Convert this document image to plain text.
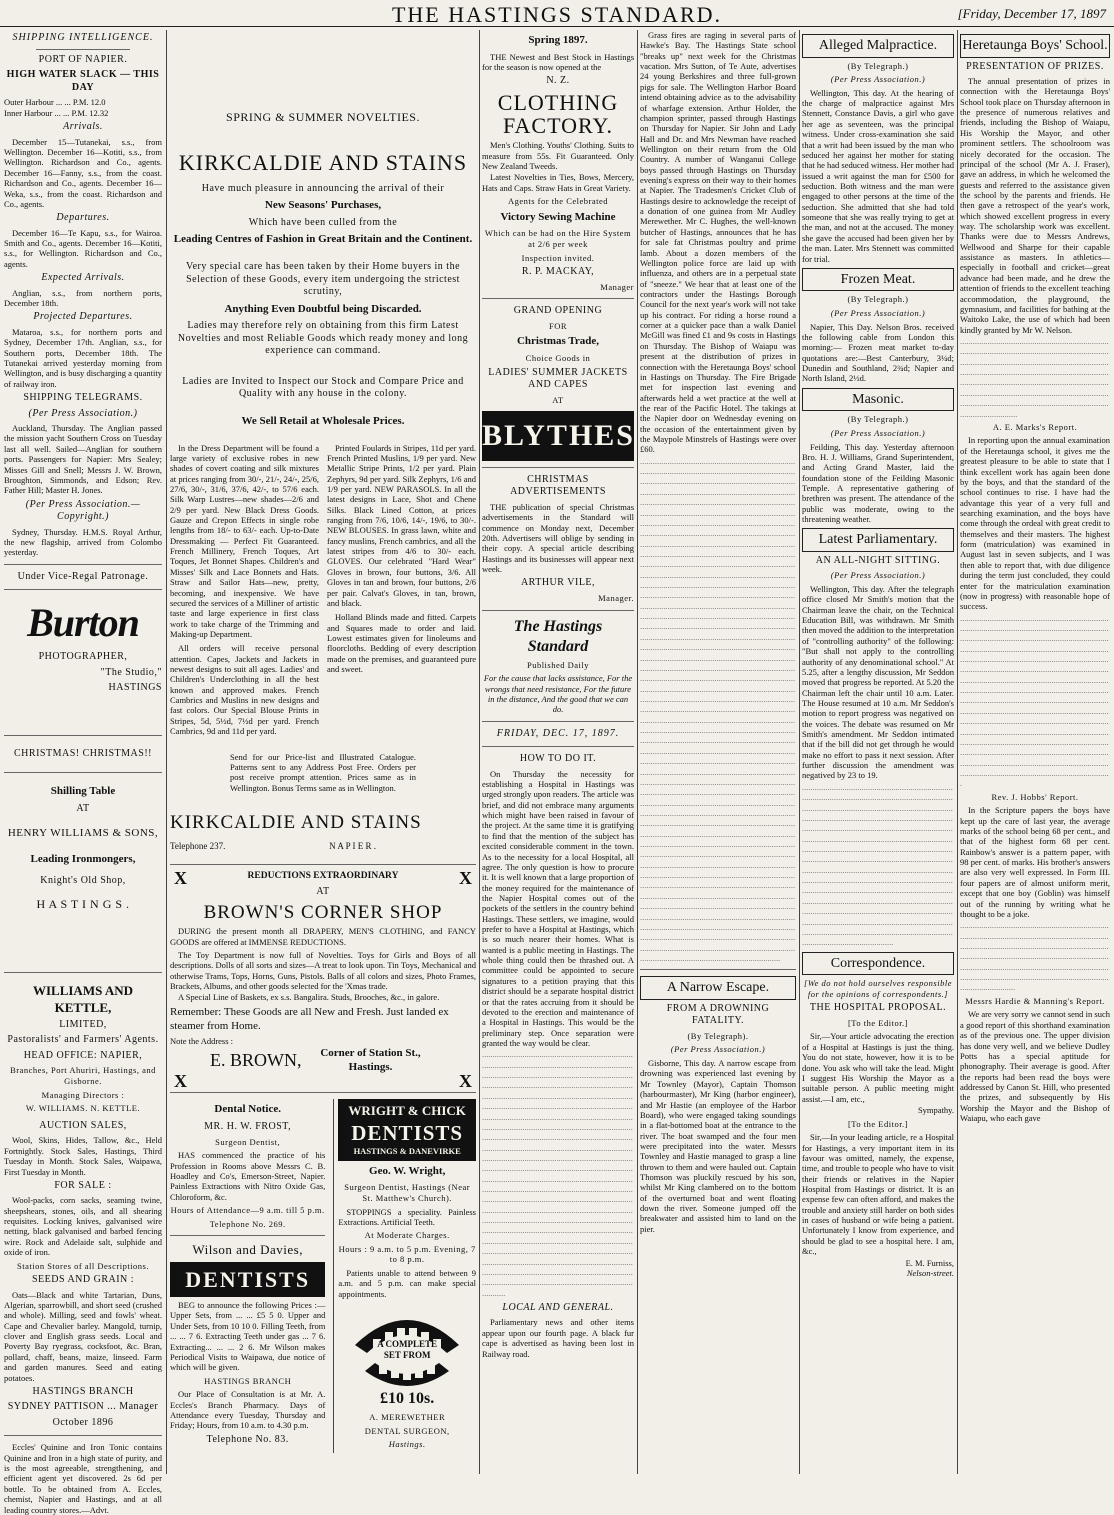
THE HASTINGS STANDARD.	[Friday, December 17, 1897
SHIPPING INTELLIGENCE.
PORT OF NAPIER.
HIGH WATER SLACK — THIS DAY
Outer Harbour ... ... P.M. 12.0
Inner Harbour ... ... P.M. 12.32
Arrivals.
December 15—Tutanekai, s.s., from Wellington. December 16—Kotiti, s.s., from Wellington. Richardson and Co., agents. December 16—Fanny, s.s., from the coast. Richardson and Co., agents. December 16—Weka, s.s., from the coast. Richardson and Co., agents.
Departures.
December 16—Te Kapu, s.s., for Wairoa. Smith and Co., agents. December 16—Kotiti, s.s., for Wellington. Richardson and Co., agents.
Expected Arrivals.
Anglian, s.s., from northern ports, December 18th.
Projected Departures.
Mataroa, s.s., for northern ports and Sydney, December 17th. Anglian, s.s., for Southern ports, December 18th. The Tutanekai arrived yesterday morning from Wellington, and is busy discharging a quantity of railway iron.
SHIPPING TELEGRAMS.
(Per Press Association.)
Auckland, Thursday. The Anglian passed the mission yacht Southern Cross on Tuesday last all well. Sailed—Anglian for southern ports. Passengers for Napier: Mrs Sealey; Misses Gill and Snell; Messrs J. W. Brown, Broughton, Simmonds, and Edson; Rev. Father Hill; Master H. Jones.
(Per Press Association.—Copyright.)
Sydney, Thursday. H.M.S. Royal Arthur, the new flagship, arrived from Colombo yesterday.
Under Vice-Regal Patronage.
Burton
PHOTOGRAPHER,
"The Studio,"
HASTINGS
CHRISTMAS! CHRISTMAS!!
Shilling Table
AT
HENRY WILLIAMS & SONS,
Leading Ironmongers,
Knight's Old Shop,
H A S T I N G S .
WILLIAMS AND KETTLE,
LIMITED,
Pastoralists' and Farmers' Agents.
HEAD OFFICE: NAPIER,
Branches, Port Ahuriri, Hastings, and Gisborne.
Managing Directors :
W. WILLIAMS. N. KETTLE.
AUCTION SALES,
Wool, Skins, Hides, Tallow, &c., Held Fortnightly. Stock Sales, Hastings, Third Tuesday in Month. Stock Sales, Waipawa, First Tuesday in Month.
FOR SALE :
Wool-packs, corn sacks, seaming twine, sheepshears, stones, oils, and all shearing requisites. Locking knives, galvanised wire netting, black galvanised and barbed fencing wire. Rock and Adelaide salt, sulphide and oxide of iron.
Station Stores of all Descriptions.
SEEDS AND GRAIN :
Oats—Black and white Tartarian, Duns, Algerian, sparrowbill, and short seed (crushed and whole). Milling, seed and fowls' wheat. Cape and Chevalier barley. Mangold, turnip, clover and English grass seeds. Local and Poverty Bay ryegrass, cocksfoot, &c. Bran, pollard, chaff, beans, maize, linseed. Farm and garden manures. Seed and eating potatoes.
HASTINGS BRANCH
SYDNEY PATTISON ... Manager
October 1896
Eccles' Quinine and Iron Tonic contains Quinine and Iron in a high state of purity, and is the most agreeable, strengthening, and efficient agent yet discovered. 2s 6d per bottle. To be obtained from A. Eccles, chemist, Napier and Hastings, and at all leading country stores.—Advt.
SPRING & SUMMER NOVELTIES.
KIRKCALDIE AND STAINS
Have much pleasure in announcing the arrival of their
New Seasons' Purchases,
Which have been culled from the
Leading Centres of Fashion in Great Britain and the Continent.
Very special care has been taken by their Home buyers in the Selection of these Goods, every item undergoing the strictest scrutiny,
Anything Even Doubtful being Discarded.
Ladies may therefore rely on obtaining from this firm Latest Novelties and most Reliable Goods which ready money and long experience can command.
Ladies are Invited to Inspect our Stock and Compare Price and Quality with any house in the colony.
We Sell Retail at Wholesale Prices.
In the Dress Department will be found a large variety of exclusive robes in new shades of covert coating and silk mixtures at prices ranging from 30/-, 21/-, 24/-, 25/6, 27/6, 30/-, 31/6, 37/6, 42/-, to 57/6 each. Silk Warp Lustres—new shades—2/6 and 2/9 per yard. New Black Dress Goods. Gauze and Crepon Effects in single robe lengths from 18/- to 63/- each. Up-to-Date Dressmaking — Perfect Fit Guaranteed. French Millinery, French Toques, Art Toques, Jet Bonnet Shapes. Children's and Misses' Silk and Lace Bonnets and Hats. Straw and Sailor Hats—new, pretty, becoming, and inexpensive. We have secured the services of a Milliner of artistic taste and large experience in first class work to take charge of the Trimming and Making-up Department.
All orders will receive personal attention. Capes, Jackets and Jackets in newest designs to suit all ages. Ladies' and Children's Underclothing in all the best known and approved makes. French Cambrics and Muslins in new designs and fast colors. Our Special Blouse Prints in Stripes, 5d, 5½d, 7½d per yard. French Cambrics, 9d and 11d per yard.
Printed Foulards in Stripes, 11d per yard. French Printed Muslins, 1/9 per yard. New Metallic Stripe Prints, 1/2 per yard. Plain Zephyrs, 9d per yard. Silk Zephyrs, 1/6 and 1/9 per yard. NEW PARASOLS. In all the latest designs in Lace, Shot and Chene Silks. Black Lined Cotton, at prices ranging from 7/6, 10/6, 14/-, 19/6, to 30/-. NEW BLOUSES. In grass lawn, white and fancy muslins, French cambrics, and all the latest stripes from 4/6 to 30/- each. GLOVES. Our celebrated "Hard Wear" Gloves in brown, four buttons, 3/6. All Gloves in tan and brown, four buttons, 2/6 per pair. Calvat's Gloves, in tan, brown, and black.
Holland Blinds made and fitted. Carpets and Squares made to order and laid. Lowest estimates given for linoleums and floorcloths. Bedding of every description made on the premises, and guaranteed pure and sweet.
Send for our Price-list and Illustrated Catalogue. Patterns sent to any Address Post Free. Orders per post receive prompt attention. Prices same as in Wellington. Bonus Terms same as in Wellington.
KIRKCALDIE AND STAINS
Telephone 237.	N A P I E R .
X	REDUCTIONS EXTRAORDINARY	X
AT
BROWN'S CORNER SHOP
DURING the present month all DRAPERY, MEN'S CLOTHING, and FANCY GOODS are offered at IMMENSE REDUCTIONS.
The Toy Department is now full of Novelties. Toys for Girls and Boys of all descriptions. Dolls of all sorts and sizes—A treat to look upon. Tin Toys, Mechanical and otherwise Trams, Tops, Horns, Guns, Pistols. Balls of all colors and sizes, Photo Frames, Brackets, Albums, and other goods selected for the 'Xmas trade.
A Special Line of Baskets, ex s.s. Bangalira. Studs, Brooches, &c., in galore.
Remember: These Goods are all New and Fresh. Just landed ex steamer from Home.
Note the Address :
E. BROWN,	Corner of Station St., Hastings.
X	X
Dental Notice.
MR. H. W. FROST,
Surgeon Dentist,
HAS commenced the practice of his Profession in Rooms above Messrs C. B. Hoadley and Co's, Emerson-Street, Napier. Painless Extractions with Nitro Oxide Gas, Chloroform, &c.
Hours of Attendance—9 a.m. till 5 p.m.
Telephone No. 269.
Wilson and Davies,
DENTISTS
BEG to announce the following Prices :— Upper Sets, from ... ... £5 5 0. Upper and Under Sets, from 10 10 0. Filling Teeth, from ... ... 7 6. Extracting Teeth under gas ... 7 6. Extracting... ... ... 2 6. Mr Wilson makes Periodical Visits to Waipawa, due notice of which will be given.
HASTINGS BRANCH
Our Place of Consultation is at Mr. A. Eccles's Branch Pharmacy. Days of Attendance every Tuesday, Thursday and Friday; Hours, from 10 a.m. to 4.30 p.m.
Telephone No. 83.
WRIGHT & CHICK
DENTISTS
HASTINGS & DANEVIRKE
Geo. W. Wright,
Surgeon Dentist, Hastings (Near St. Matthew's Church).
STOPPINGS a speciality. Painless Extractions. Artificial Teeth.
At Moderate Charges.
Hours : 9 a.m. to 5 p.m. Evening, 7 to 8 p.m.
Patients unable to attend between 9 a.m. and 5 p.m. can make special appointments.
A COMPLETE SET FROM
£10 10s.
A. MEREWETHER
DENTAL SURGEON,
Hastings.
Spring 1897.
THE Newest and Best Stock in Hastings for the season is now opened at the
N. Z.
CLOTHING FACTORY.
Men's Clothing. Youths' Clothing. Suits to measure from 55s. Fit Guaranteed. Only New Zealand Tweeds.
Latest Novelties in Ties, Bows, Mercery, Hats and Caps. Straw Hats in Great Variety.
Agents for the Celebrated
Victory Sewing Machine
Which can be had on the Hire System at 2/6 per week
Inspection invited.
R. P. MACKAY,
Manager
GRAND OPENING
FOR
Christmas Trade,
Choice Goods in
LADIES' SUMMER JACKETS AND CAPES
AT
BLYTHES
CHRISTMAS ADVERTISEMENTS
THE publication of special Christmas advertisements in the Standard will commence on Monday next, December 20th. Advertisers will oblige by sending in their copy. A special article describing Hastings and its businesses will appear next week.
ARTHUR VILE,
Manager.
The Hastings Standard
Published Daily
For the cause that lacks assistance, For the wrongs that need resistance, For the future in the distance, And the good that we can do.
FRIDAY, DEC. 17, 1897.
HOW TO DO IT.
On Thursday the necessity for establishing a Hospital in Hastings was urged strongly upon readers. The article was brief, and did not embrace many arguments which might have been raised in favour of the project. At the same time it is gratifying to find that the mention of the subject has excited considerable comment in the town. As to the necessity for a local Hospital, all agree. The only question is how to procure it. It is well known that a large proportion of the money required for the maintenance of the Napier Hospital comes out of the pockets of the settlers in the country behind Hastings. These settlers, we imagine, would prefer to have a Hospital at Hastings, which is so much nearer their homes. What is wanted is a public meeting in Hastings. The whole thing could then be thrashed out. A committee could be appointed to secure signatures to a petition praying that this district should be a separate hospital district or that the rates accruing from it should be devoted to the erection and maintenance of a Hospital in Hastings. This would be the preliminary step. Once separation were granted the way would be clear.
............................................................................................................................................................................................................................................................................................................................................................................................................................................................................................................................................................................................................................................................................................................................................................................................................................................................................................................................................................................................................................................................................................................................................................................................................................................................................................................................................................................................................................................................................................................................................................................................................................................................................................................
LOCAL AND GENERAL.
Parliamentary news and other items appear upon our fourth page. A black fur cape is advertised as having been lost in Railway road.
Grass fires are raging in several parts of Hawke's Bay. The Hastings State school "breaks up" next week for the Christmas vacation. Mrs Sutton, of Te Aute, advertises 24 young Berkshires and three full-grown pigs for sale. The Wellington Harbor Board intend obtaining advice as to the advisability of wharfage extension. Arthur Holder, the champion sprinter, passed through Hastings on Thursday for Napier. Sir John and Lady Hall and Dr. and Mrs Newman have reached Wellington on their return from the Old Country. A number of Wanganui College boys passed through Hastings on Thursday evening's express on their way to their homes at Napier. The Tradesmen's Cricket Club of Hastings desire to acknowledge the receipt of a donation of one guinea from Mr Audley Merewether. Mr C. Hughes, the well-known butcher of Hastings, announces that he has for sale fat Christmas poultry and prime lamb. About a dozen members of the Wellington police force are laid up with influenza, and others are in a perpetual state of "sneeze." We hear that at least one of the contractors under the Hastings Borough Council for the next year's work will not take up his contract. For riding a horse round a corner at a quicker pace than a walk Daniel McGill was fined £1 and 9s costs in Hastings on Thursday. The Bishop of Waiapu was present at the distribution of prizes in connection with the Heretaunga Boys' school in Hastings on Thursday. The Fire Brigade met for inspection last evening and afterwards held a wet practice at the well at the rear of the Pacific Hotel. The takings at the Napier door on Wednesday evening on the occasion of the entertainment given by the Maypole Minstrels of Hastings were over £60.
..................................................................................................................................................................................................................................................................................................................................................................................................................................................................................................................................................................................................................................................................................................................................................................................................................................................................................................................................................................................................................................................................................................................................................................................................................................................................................................................................................................................................................................................................................................................................................................................................................................................................................................................................................................................................................................................................................................................................................................................................................................................................................................................................................................................................................................................................................................................................................................................................................................................................................................................................................................................................................................................................................................................................................................................................................................................................................................................................................................................................................................................................................................................................................................................................................................................................................................................................................................................................................................................................................................................................................................................................................................................................................................................
A Narrow Escape.
FROM A DROWNING FATALITY.
(By Telegraph).
(Per Press Association.)
Gisborne, This day. A narrow escape from drowning was experienced last evening by Mr Townley (Mayor), Captain Thomson (harbourmaster), Mr King (harbor engineer), and Mr Hastie (an employee of the Harbor Board), who were engaged taking soundings in a flat-bottomed boat at the entrance to the river. The boat swamped and the four men were precipitated into the water. Messrs Townley and Hastie managed to grasp a line thrown to them and were hauled out. Captain Thomson was pluckily rescued by his son, whilst Mr King clambered on to the bottom of the overturned boat and went floating down the river. Someone jumped off the breakwater and assisted him to land on the pier.
Alleged Malpractice.
(By Telegraph.)
(Per Press Association.)
Wellington, This day. At the hearing of the charge of malpractice against Mrs Stennett, Constance Davis, a girl who gave her age as seventeen, was the principal witness. Under cross-examination she said that a writ had been issued by the man who seduced her against her mother for stating that he had seduced witness. Her mother had issued a writ against the man for £500 for seduction. Both witness and the man were engaged to other persons at the time of the seduction. She admitted that she had told someone that she was really trying to get at the man, and not at the accused. The money she gave the accused had been given her by the man. Later. Mrs Stennett was committed for trial.
Frozen Meat.
(By Telegraph.)
(Per Press Association.)
Napier, This Day. Nelson Bros. received the following cable from London this morning:— Frozen meat market to-day quotations are:—Best Canterbury, 3¼d; Dunedin and Southland, 2¾d; Napier and North Island, 2½d.
Masonic.
(By Telegraph.)
(Per Press Association.)
Feilding, This day. Yesterday afternoon Bro. H. J. Williams, Grand Superintendent, and Acting Grand Master, laid the foundation stone of the Feilding Masonic Temple. A representative gathering of brethren was present. The attendance of the public was moderate, owing to the threatening weather.
Latest Parliamentary.
AN ALL-NIGHT SITTING.
(Per Press Association.)
Wellington, This day. After the telegraph office closed Mr Smith's motion that the Chairman leave the chair, on the Technical Education Bill, was withdrawn. Mr Smith then moved the addition to the interpretation of "controlling authority" of the following: "But shall not apply to the controlling authority of any denominational school." At 5.25, after a lengthy discussion, Mr Seddon moved that progress be reported. At 5.20 the Chairman left the chair until 10 a.m. Later. The House resumed at 10 a.m. Mr Seddon's motion to report progress was negatived on the voices. The debate was resumed on Mr Smith's amendment. Mr Seddon intimated that if the bill did not get through he would make no effort to pass it next session. After further discussion the amendment was negatived by 23 to 19.
....................................................................................................................................................................................................................................................................................................................................................................................................................................................................................................................................................................................................................................................................................................................................................................................................................................................................................................................................................................................................................................................................................................................................................
Correspondence.
[We do not hold ourselves responsible for the opinions of correspondents.]
THE HOSPITAL PROPOSAL.
[To the Editor.]
Sir,—Your article advocating the erection of a Hospital at Hastings is just the thing. You do not state, however, how it is to be done. You ask who will take the lead. Might I suggest His Worship the Mayor as a suitable person. A public meeting might assist.—I am, etc.,
Sympathy.
[To the Editor.]
Sir,—In your leading article, re a Hospital for Hastings, a very important item in its favour was omitted, namely, the expense, time, and trouble to people who have to visit their friends or relatives in the Napier Hospital from Hastings or district. It is an expense few can often afford, and makes the trouble and anxiety still harder on both sides in cases of husband or wife being a patient. Unfortunately I know from experience, and should be glad to see a hospital here. I am, &c.,
E. M. Furniss,
Nelson-street.
Heretaunga Boys' School.
PRESENTATION OF PRIZES.
The annual presentation of prizes in connection with the Heretaunga Boys' School took place on Thursday afternoon in the presence of numerous relatives and friends, including the Bishop of Waiapu, His Worship the Mayor, and other prominent settlers. The schoolroom was nicely decorated for the occasion. The principal of the school (Mr A. J. Fraser), gave an address, in which he welcomed the guests and referred to the assistance given the school by the parents and friends. He then gave a retrospect of the year's work, which showed excellent progress in every way. The scholarship work was excellent. Thanks were due to Messrs Andrews, Wellwood and Sharpe for their capable assistance as masters. In athletics—especially in football and cricket—great advance had been made, and he drew the attention of friends to the excellent teaching accommodation, the playground, the gymnasium, and facilities for bathing at the Waitoko Lake, the use of which had been kindly granted by Mr W. Nelson.
.....................................................................................................................................................................................................................................................................................................................................................................................................................................................................................................................................
A. E. Marks's Report.
In reporting upon the annual examination of the Heretaunga school, it gives me the greatest pleasure to be able to state that I think excellent work has again been done by the boys, and that the standard of the school continues to rise. I have had the advantage this year of a very full and searching examination, and the boys have come through the ordeal with great credit to themselves and their masters. The highest form (matriculation) was examined in August last in seven subjects, and I was then able to report that, with due diligence during the term just concluded, they could enter for the matriculation examination (now in progress) with reasonable hope of success.
.................................................................................................................................................................................................................................................................................................................................................................................................................................................................................................................................................................................................................................................................................................................................................................................................................................................................................................................................................................................................................................................................................................................................................................
Rev. J. Hobbs' Report.
In the Scripture papers the boys have kept up the care of last year, the average marks of the school being 68 per cent., and that of the highest form 68 per cent. Rainbow's answer is a pattern paper, with 98 per cent. of marks. His brother's answers are also very well expressed. In Form III. four papers are of almost uniform merit, except that one boy (Goblin) was himself out of the running by writing what he thought to be a joke.
..............................................................................................................................................................................................................................................................................................................................................................................................................................................................
Messrs Hardie & Manning's Report.
We are very sorry we cannot send in such a good report of this shorthand examination as of the previous one. The upper division has done very well, and we believe Dudley Potts has a special aptitude for phonography. Their average is good. After the reports had been read the boys were addressed by Canon St. Hill, who presented the prizes, and subsequently by His Worship the Mayor and the Bishop of Waiapu, who each gave
